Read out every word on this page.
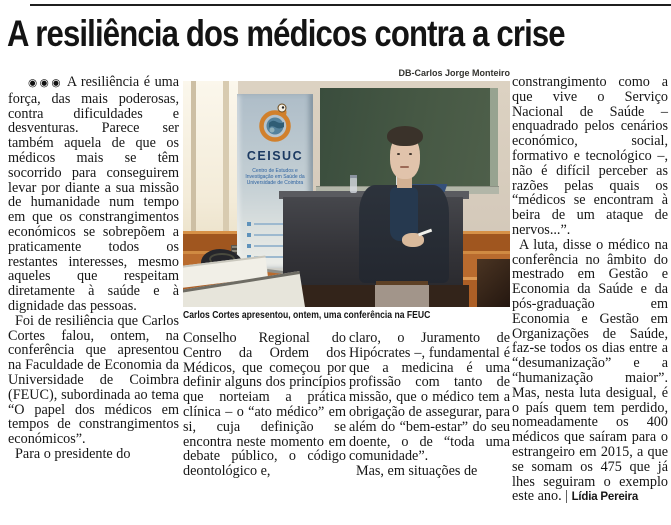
A resiliência dos médicos contra a crise
DB-Carlos Jorge Monteiro
CEISUC
Centro de Estudos e
Investigação em Saúde da
Universidade de Coimbra
Carlos Cortes apresentou, ontem, uma conferência na FEUC

◉◉◉ A resiliência é uma força, das mais poderosas, contra dificuldades e desventuras. Parece ser também aquela de que os médicos mais se têm socorrido para conseguirem levar por diante a sua missão de humanidade num tempo em que os constrangimentos económicos se sobrepõem a praticamente todos os restantes interesses, mesmo aqueles que respeitam diretamente à saúde e à dignidade das pessoas.

Foi de resiliência que Carlos Cortes falou, ontem, na conferência que apresentou na Faculdade de Economia da Universidade de Coimbra (FEUC), subordinada ao tema “O papel dos médicos em tempos de constrangimentos económicos”.

Para o presidente do

Conselho Regional do Centro da Ordem dos Médicos, que começou por definir alguns dos princípios que norteiam a prática clínica – o “ato médico” em si, cuja definição se encontra neste momento em debate público, o código deontológico e,

claro, o Juramento de Hipócrates –, fundamental é que a medicina é uma profissão com tanto de missão, que o médico tem a obrigação de assegurar, para além do “bem-estar” do seu doente, o de “toda uma comunidade”.

Mas, em situações de

constrangimento como a que vive o Serviço Nacional de Saúde – enquadrado pelos cenários económico, social, formativo e tecnológico –, não é difícil perceber as razões pelas quais os “médicos se encontram à beira de um ataque de nervos...”.

A luta, disse o médico na conferência no âmbito do mestrado em Gestão e Economia da Saúde e da pós-graduação em Economia e Gestão em Organizações de Saúde, faz-se todos os dias entre a “desumanização” e a “humanização maior”. Mas, nesta luta desigual, é o país quem tem perdido, nomeadamente os 400 médicos que saíram para o estrangeiro em 2015, a que se somam os 475 que já lhes seguiram o exemplo este ano. | Lídia Pereira
